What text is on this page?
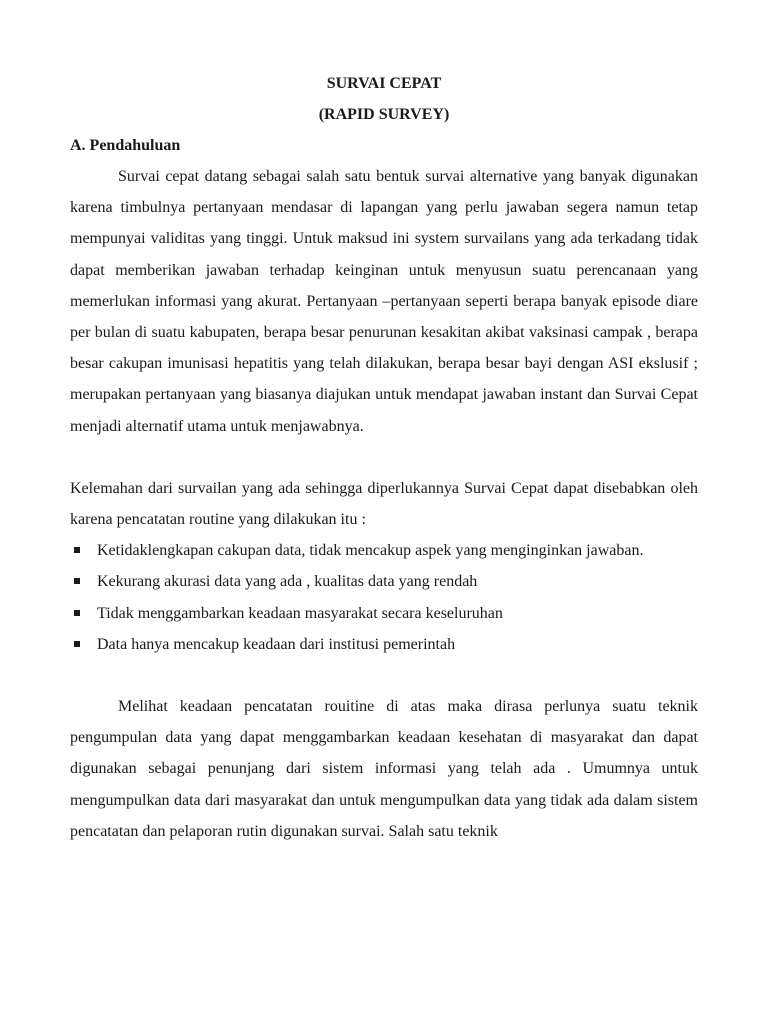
SURVAI CEPAT

(RAPID SURVEY)

A. Pendahuluan

Survai cepat datang sebagai salah satu bentuk survai alternative yang banyak digunakan karena timbulnya pertanyaan mendasar di lapangan yang perlu jawaban segera namun tetap mempunyai validitas yang tinggi. Untuk maksud ini system survailans yang ada terkadang tidak dapat memberikan jawaban terhadap keinginan untuk menyusun suatu perencanaan yang memerlukan informasi yang akurat. Pertanyaan –pertanyaan seperti berapa banyak episode diare per bulan di suatu kabupaten, berapa besar penurunan kesakitan akibat vaksinasi campak , berapa besar cakupan imunisasi hepatitis yang telah dilakukan, berapa besar bayi dengan ASI ekslusif ; merupakan pertanyaan yang biasanya diajukan untuk mendapat jawaban instant dan Survai Cepat menjadi alternatif utama untuk menjawabnya.

Kelemahan dari survailan yang ada sehingga diperlukannya Survai Cepat dapat disebabkan oleh karena pencatatan routine yang dilakukan itu :

Ketidaklengkapan cakupan data, tidak mencakup aspek yang menginginkan jawaban.
Kekurang akurasi data yang ada , kualitas data yang rendah
Tidak menggambarkan keadaan masyarakat secara keseluruhan
Data hanya mencakup keadaan dari institusi pemerintah

Melihat keadaan pencatatan rouitine di atas maka dirasa perlunya suatu teknik pengumpulan data yang dapat menggambarkan keadaan kesehatan di masyarakat dan dapat digunakan sebagai penunjang dari sistem informasi yang telah ada . Umumnya untuk mengumpulkan data dari masyarakat dan untuk mengumpulkan data yang tidak ada dalam sistem pencatatan dan pelaporan rutin digunakan survai. Salah satu teknik
